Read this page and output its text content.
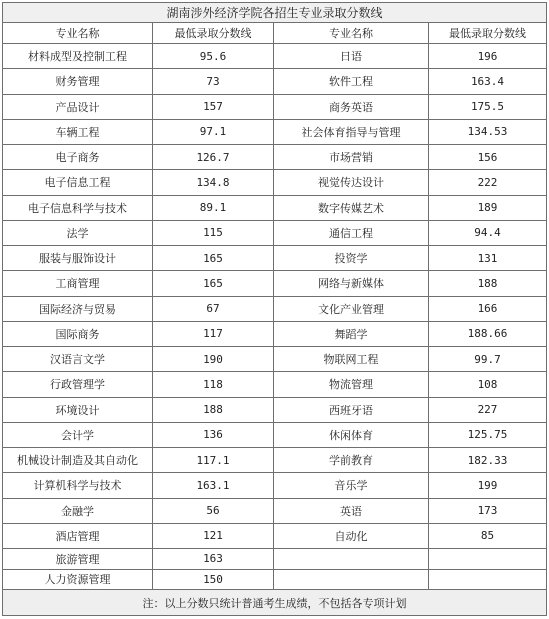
湖南涉外经济学院各招生专业录取分数线			
专业名称	最低录取分数线	专业名称	最低录取分数线
材料成型及控制工程	95.6	日语	196
财务管理	73	软件工程	163.4
产品设计	157	商务英语	175.5
车辆工程	97.1	社会体育指导与管理	134.53
电子商务	126.7	市场营销	156
电子信息工程	134.8	视觉传达设计	222
电子信息科学与技术	89.1	数字传媒艺术	189
法学	115	通信工程	94.4
服装与服饰设计	165	投资学	131
工商管理	165	网络与新媒体	188
国际经济与贸易	67	文化产业管理	166
国际商务	117	舞蹈学	188.66
汉语言文学	190	物联网工程	99.7
行政管理学	118	物流管理	108
环境设计	188	西班牙语	227
会计学	136	休闲体育	125.75
机械设计制造及其自动化	117.1	学前教育	182.33
计算机科学与技术	163.1	音乐学	199
金融学	56	英语	173
酒店管理	121	自动化	85
旅游管理	163		
人力资源管理	150		
注：以上分数只统计普通考生成绩，不包括各专项计划			
